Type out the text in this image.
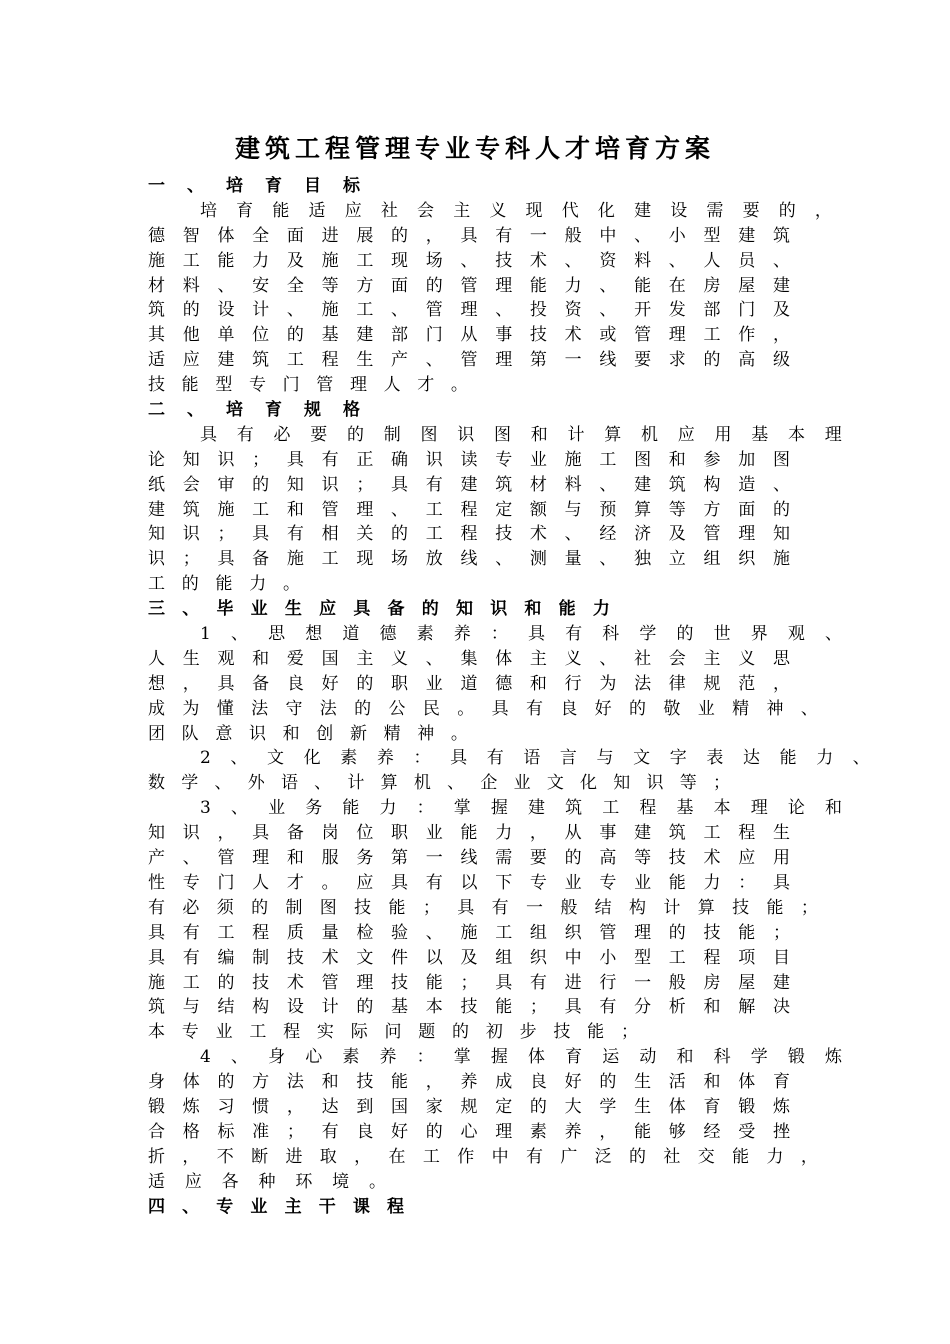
建筑工程管理专业专科人才培育方案
一 、 培 育 目 标
培 育 能 适 应 社 会 主 义 现 代 化 建 设 需 要 的 ，
德 智 体 全 面 进 展 的 ， 具 有 一 般 中 、 小 型 建 筑
施 工 能 力 及 施 工 现 场 、 技 术 、 资 料 、 人 员 、
材 料 、 安 全 等 方 面 的 管 理 能 力 、 能 在 房 屋 建
筑 的 设 计 、 施 工 、 管 理 、 投 资 、 开 发 部 门 及
其 他 单 位 的 基 建 部 门 从 事 技 术 或 管 理 工 作 ，
适 应 建 筑 工 程 生 产 、 管 理 第 一 线 要 求 的 高 级
技 能 型 专 门 管 理 人 才 。
二 、 培 育 规 格
具 有 必 要 的 制 图 识 图 和 计 算 机 应 用 基 本 理
论 知 识 ； 具 有 正 确 识 读 专 业 施 工 图 和 参 加 图
纸 会 审 的 知 识 ； 具 有 建 筑 材 料 、 建 筑 构 造 、
建 筑 施 工 和 管 理 、 工 程 定 额 与 预 算 等 方 面 的
知 识 ； 具 有 相 关 的 工 程 技 术 、 经 济 及 管 理 知
识 ； 具 备 施 工 现 场 放 线 、 测 量 、 独 立 组 织 施
工 的 能 力 。
三 、 毕 业 生 应 具 备 的 知 识 和 能 力
1 、 思 想 道 德 素 养 ： 具 有 科 学 的 世 界 观 、
人 生 观 和 爱 国 主 义 、 集 体 主 义 、 社 会 主 义 思
想 ， 具 备 良 好 的 职 业 道 德 和 行 为 法 律 规 范 ，
成 为 懂 法 守 法 的 公 民 。 具 有 良 好 的 敬 业 精 神 、
团 队 意 识 和 创 新 精 神 。
2 、 文 化 素 养 ： 具 有 语 言 与 文 字 表 达 能 力 、
数 学 、 外 语 、 计 算 机 、 企 业 文 化 知 识 等 ；
3 、 业 务 能 力 ： 掌 握 建 筑 工 程 基 本 理 论 和
知 识 ， 具 备 岗 位 职 业 能 力 ， 从 事 建 筑 工 程 生
产 、 管 理 和 服 务 第 一 线 需 要 的 高 等 技 术 应 用
性 专 门 人 才 。 应 具 有 以 下 专 业 专 业 能 力 ： 具
有 必 须 的 制 图 技 能 ； 具 有 一 般 结 构 计 算 技 能 ；
具 有 工 程 质 量 检 验 、 施 工 组 织 管 理 的 技 能 ；
具 有 编 制 技 术 文 件 以 及 组 织 中 小 型 工 程 项 目
施 工 的 技 术 管 理 技 能 ； 具 有 进 行 一 般 房 屋 建
筑 与 结 构 设 计 的 基 本 技 能 ； 具 有 分 析 和 解 决
本 专 业 工 程 实 际 问 题 的 初 步 技 能 ；
4 、 身 心 素 养 ： 掌 握 体 育 运 动 和 科 学 锻 炼
身 体 的 方 法 和 技 能 ， 养 成 良 好 的 生 活 和 体 育
锻 炼 习 惯 ， 达 到 国 家 规 定 的 大 学 生 体 育 锻 炼
合 格 标 准 ； 有 良 好 的 心 理 素 养 ， 能 够 经 受 挫
折 ， 不 断 进 取 ， 在 工 作 中 有 广 泛 的 社 交 能 力 ，
适 应 各 种 环 境 。
四 、 专 业 主 干 课 程
